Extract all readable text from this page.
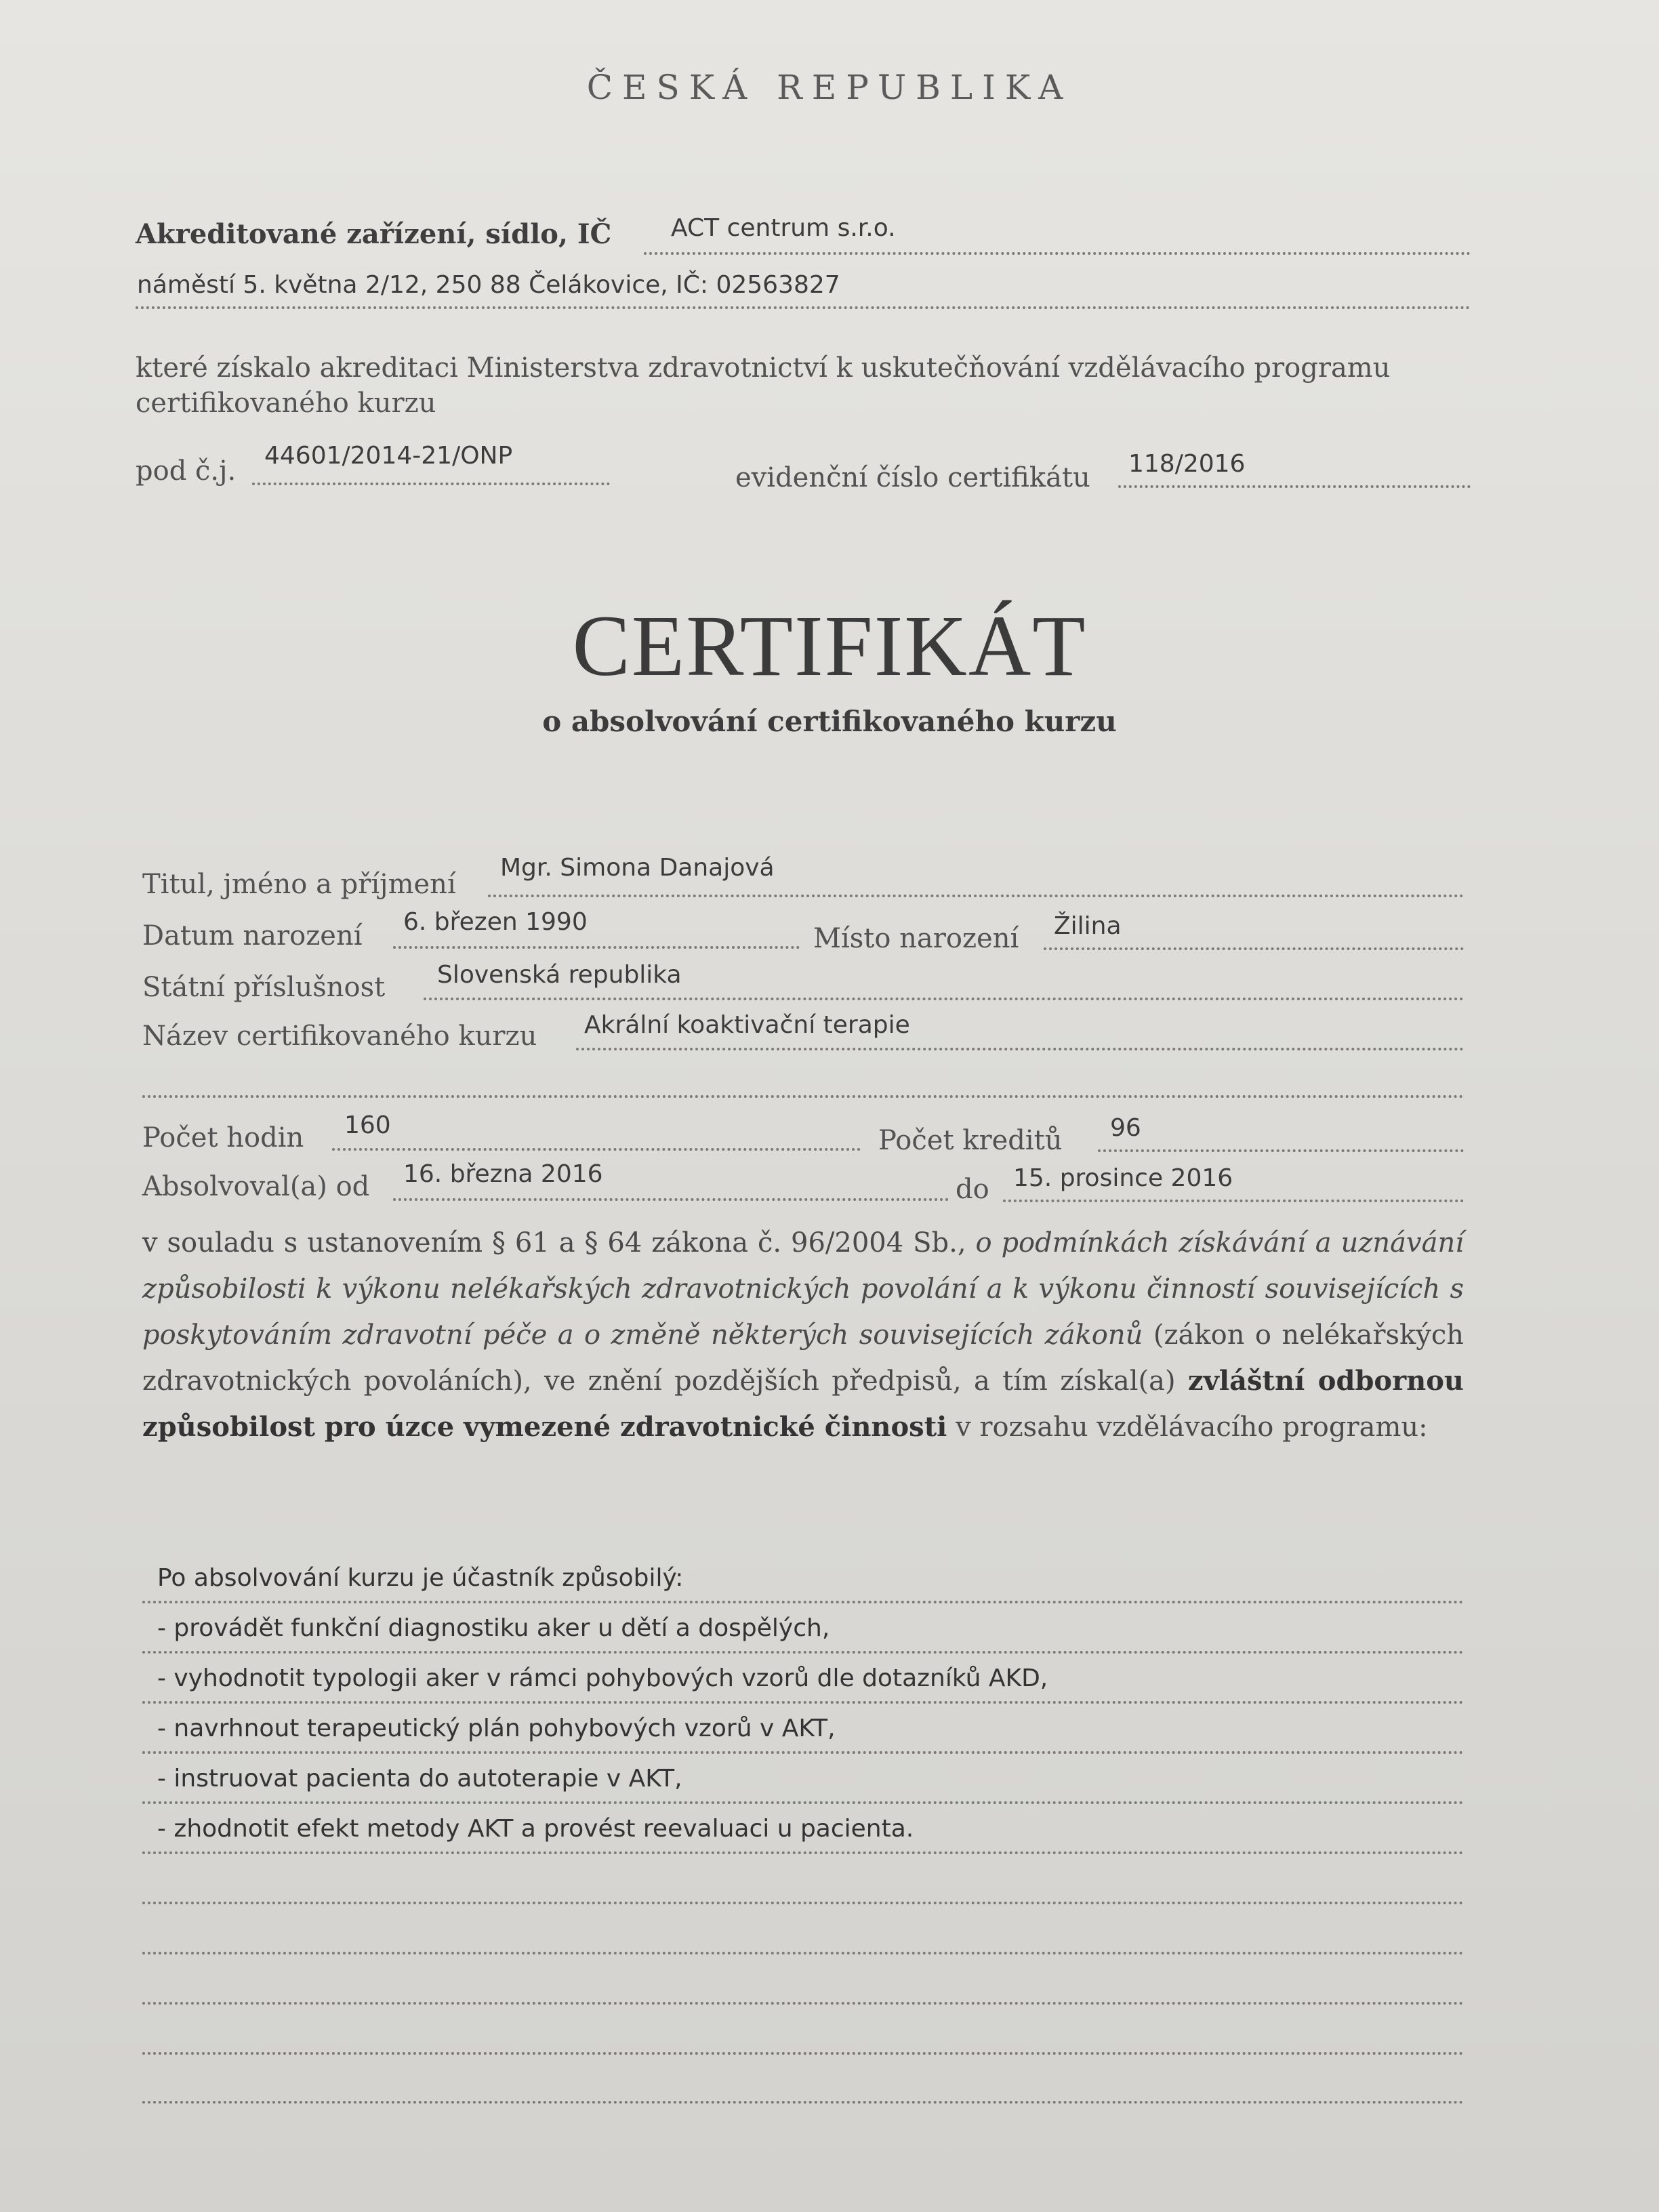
ČESKÁ REPUBLIKA
Akreditované zařízení, sídlo, IČ ACT centrum s.r.o.
náměstí 5. května 2/12, 250 88 Čelákovice, IČ: 02563827
které získalo akreditaci Ministerstva zdravotnictví k uskutečňování vzdělávacího programu
certifikovaného kurzu
pod č.j. 44601/2014-21/ONP
evidenční číslo certifikátu 118/2016
CERTIFIKÁT
o absolvování certifikovaného kurzu
Titul, jméno a příjmení
Mgr. Simona Danajová
Datum narození 6. březen 1990
Místo narození Žilina
Státní příslušnost Slovenská republika
Název certifikovaného kurzu Akrální koaktivační terapie
Počet hodin 160	Počet kreditů 96
Absolvoval(a) od 16. března 2016	do 15. prosince 2016
v souladu s ustanovením § 61 a § 64 zákona č. 96/2004 Sb., o podmínkách získávání a uznávání způsobilosti k výkonu nelékařských zdravotnických povolání a k výkonu činností souvisejících s poskytováním zdravotní péče a o změně některých souvisejících zákonů (zákon o nelékařských zdravotnických povoláních), ve znění pozdějších předpisů, a tím získal(a) zvláštní odbornou způsobilost pro úzce vymezené zdravotnické činnosti v rozsahu vzdělávacího programu:
Po absolvování kurzu je účastník způsobilý:
- provádět funkční diagnostiku aker u dětí a dospělých,
- vyhodnotit typologii aker v rámci pohybových vzorů dle dotazníků AKD,
- navrhnout terapeutický plán pohybových vzorů v AKT,
- instruovat pacienta do autoterapie v AKT,
- zhodnotit efekt metody AKT a provést reevaluaci u pacienta.
